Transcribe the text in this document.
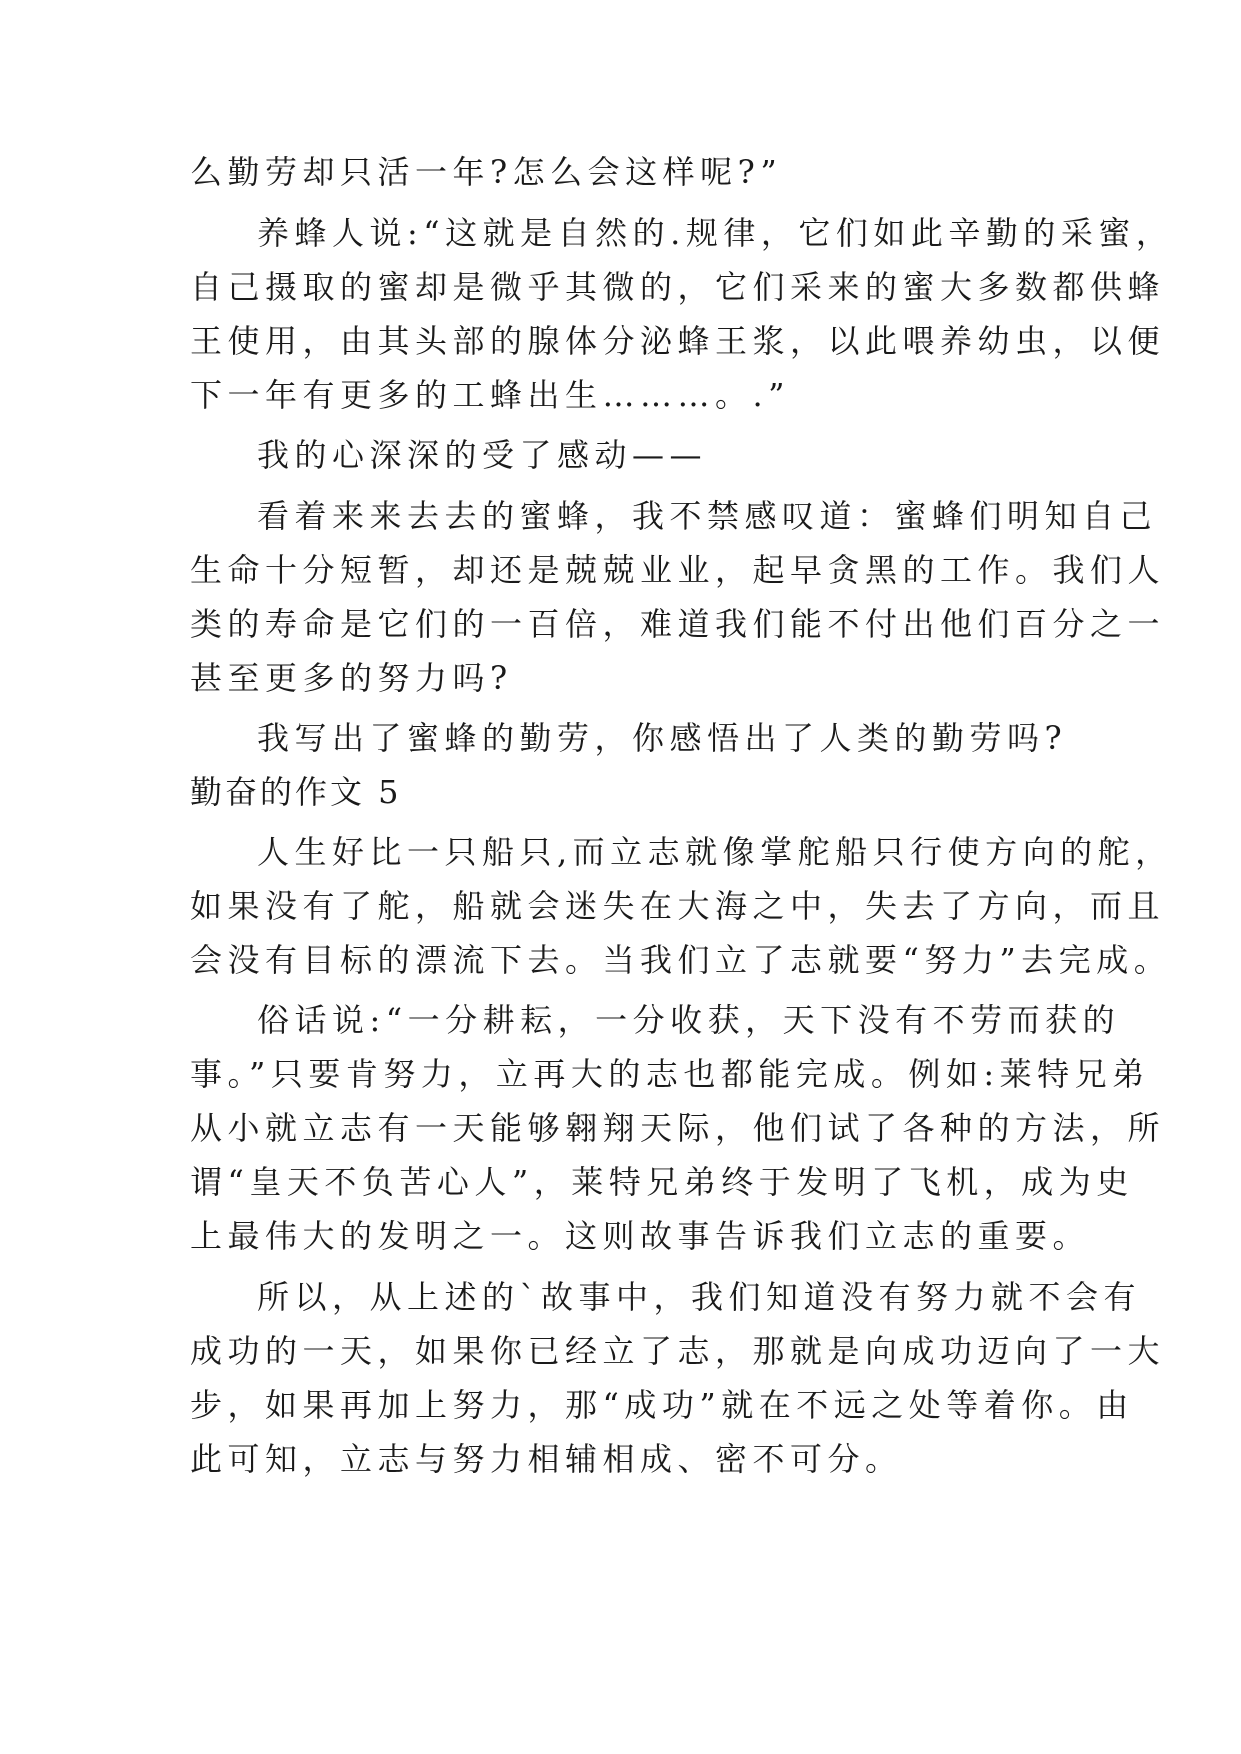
么勤劳却只活一年?怎么会这样呢?”
养蜂人说:“这就是自然的.规律，它们如此辛勤的采蜜，
自己摄取的蜜却是微乎其微的，它们采来的蜜大多数都供蜂
王使用，由其头部的腺体分泌蜂王浆，以此喂养幼虫，以便
下一年有更多的工蜂出生………。.”
我的心深深的受了感动——
看着来来去去的蜜蜂，我不禁感叹道：蜜蜂们明知自己
生命十分短暂，却还是兢兢业业，起早贪黑的工作。我们人
类的寿命是它们的一百倍，难道我们能不付出他们百分之一
甚至更多的努力吗?
我写出了蜜蜂的勤劳，你感悟出了人类的勤劳吗?
勤奋的作文 5
人生好比一只船只,而立志就像掌舵船只行使方向的舵，
如果没有了舵，船就会迷失在大海之中，失去了方向，而且
会没有目标的漂流下去。当我们立了志就要“努力”去完成。
俗话说:“一分耕耘，一分收获，天下没有不劳而获的
事。”只要肯努力，立再大的志也都能完成。例如:莱特兄弟
从小就立志有一天能够翱翔天际，他们试了各种的方法，所
谓“皇天不负苦心人”，莱特兄弟终于发明了飞机，成为史
上最伟大的发明之一。这则故事告诉我们立志的重要。
所以，从上述的`故事中，我们知道没有努力就不会有
成功的一天，如果你已经立了志，那就是向成功迈向了一大
步，如果再加上努力，那“成功”就在不远之处等着你。由
此可知，立志与努力相辅相成、密不可分。
